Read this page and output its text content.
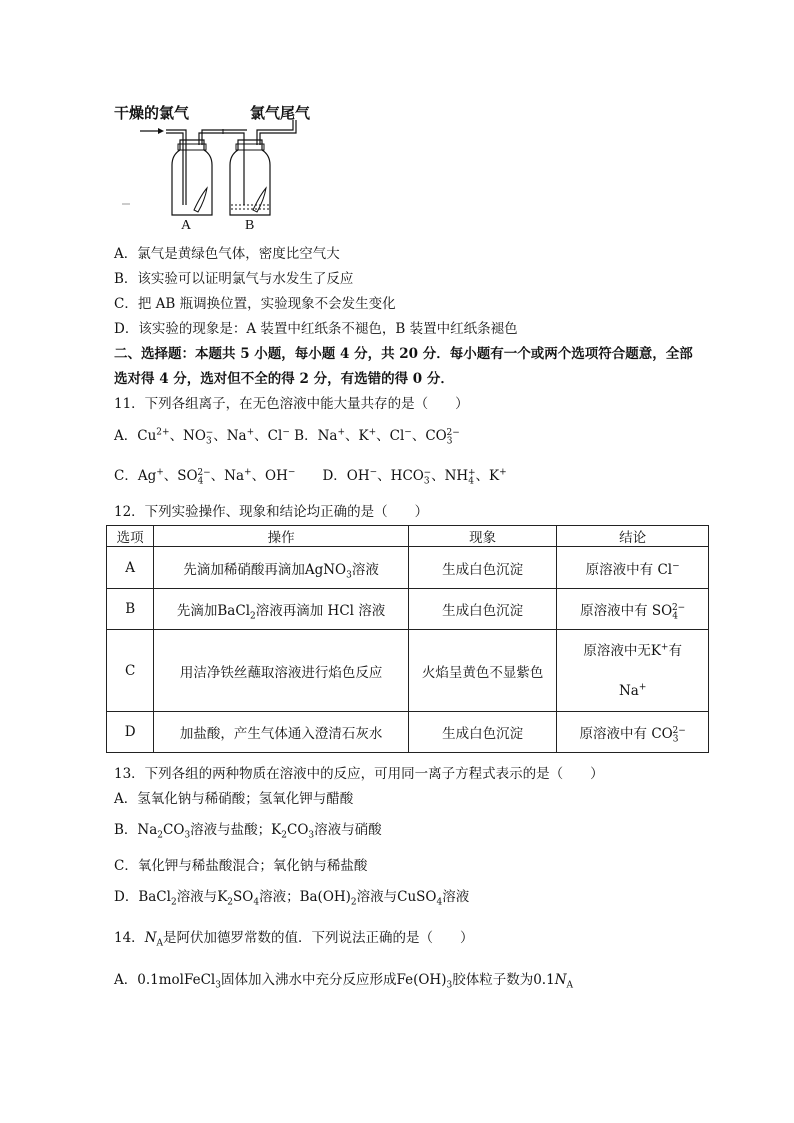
干燥的氯气	氯气尾气
A	B
A．氯气是黄绿色气体，密度比空气大
B．该实验可以证明氯气与水发生了反应
C．把 AB 瓶调换位置，实验现象不会发生变化
D．该实验的现象是：A 装置中红纸条不褪色，B 装置中红纸条褪色
二、选择题：本题共 5 小题，每小题 4 分，共 20 分．每小题有一个或两个选项符合题意，全部
选对得 4 分，选对但不全的得 2 分，有选错的得 0 分．
11．下列各组离子，在无色溶液中能大量共存的是（　　）
A．$Cu^{2+}$、$NO_3^-$、Na+、Cl− B．Na+、K+、Cl−、$CO_3^{2-}$
C．Ag+、$SO_4^{2-}$、Na+、OH−　　 D．OH−、$HCO_3^-$、$NH_4^+$、K+
12．下列实验操作、现象和结论均正确的是（　　）
选项	操作	现象	结论
A	先滴加稀硝酸再滴加AgNO$_3$溶液	生成白色沉淀	原溶液中有 Cl−
B	先滴加BaCl$_2$溶液再滴加 HCl 溶液	生成白色沉淀	原溶液中有 $SO_4^{2-}$
C	用洁净铁丝蘸取溶液进行焰色反应	火焰呈黄色不显紫色	原溶液中无K+有
Na+
D	加盐酸，产生气体通入澄清石灰水	生成白色沉淀	原溶液中有 $CO_3^{2-}$
13．下列各组的两种物质在溶液中的反应，可用同一离子方程式表示的是（　　）
A．氢氧化钠与稀硝酸；氢氧化钾与醋酸
B．$Na_2CO_3$溶液与盐酸；$K_2CO_3$溶液与硝酸
C．氧化钾与稀盐酸混合；氧化钠与稀盐酸
D．BaCl$_2$溶液与$K_2SO_4$溶液；$Ba(OH)_2$溶液与CuSO$_4$溶液
14．$N_A$是阿伏加德罗常数的值．下列说法正确的是（　　）
A．0.1molFeCl$_3$固体加入沸水中充分反应形成$Fe(OH)_3$胶体粒子数为$0.1N_A$
